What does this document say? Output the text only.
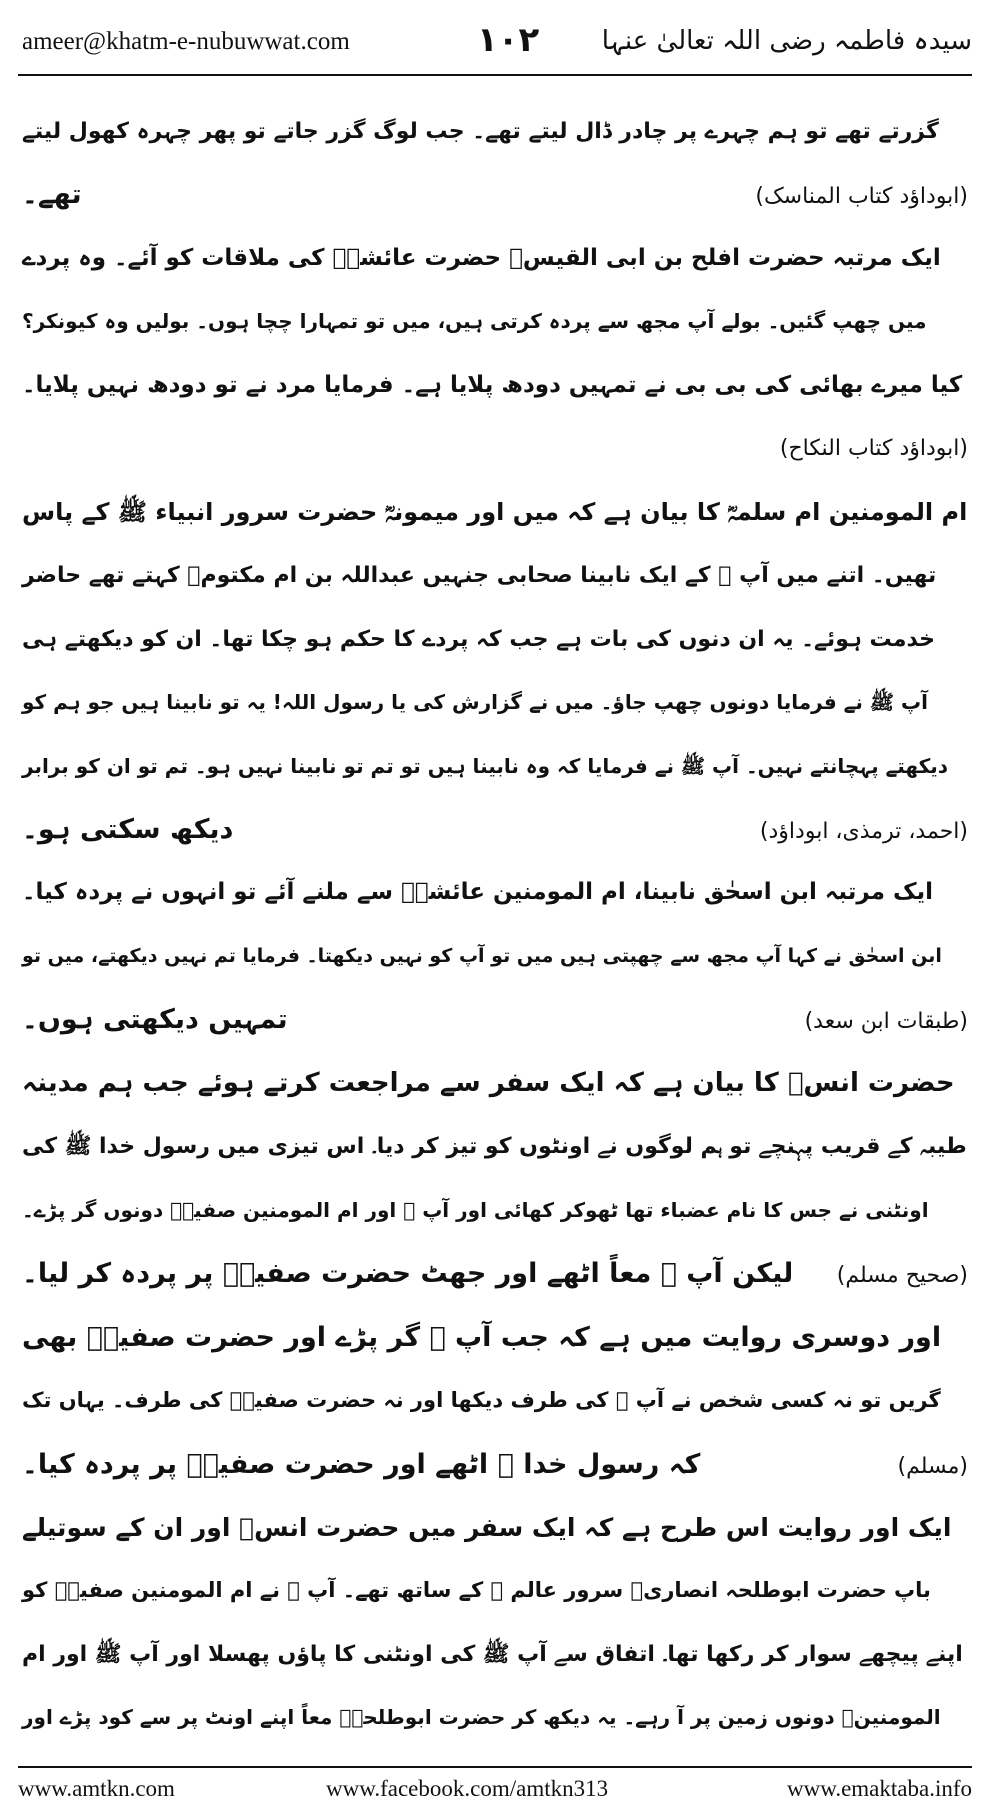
ameer@khatm-e-nubuwwat.com	۱۰۲ سیدہ فاطمہ رضی اللہ تعالیٰ عنہا
گزرتے تھے تو ہم چہرے پر چادر ڈال لیتے تھے۔ جب لوگ گزر جاتے تو پھر چہرہ کھول لیتے
تھے۔	(ابوداؤد کتاب المناسک)
ایک مرتبہ حضرت افلح بن ابی القیسؓ حضرت عائشہؓ کی ملاقات کو آئے۔ وہ پردے
میں چھپ گئیں۔ بولے آپ مجھ سے پردہ کرتی ہیں، میں تو تمہارا چچا ہوں۔ بولیں وہ کیونکر؟
کیا میرے بھائی کی بی بی نے تمہیں دودھ پلایا ہے۔ فرمایا مرد نے تو دودھ نہیں پلایا۔
(ابوداؤد کتاب النکاح)
ام المومنین ام سلمہؓ کا بیان ہے کہ میں اور میمونہؓ حضرت سرور انبیاء ﷺ کے پاس
تھیں۔ اتنے میں آپ ﷺ کے ایک نابینا صحابی جنہیں عبداللہ بن ام مکتومؓ کہتے تھے حاضر
خدمت ہوئے۔ یہ ان دنوں کی بات ہے جب کہ پردے کا حکم ہو چکا تھا۔ ان کو دیکھتے ہی
آپ ﷺ نے فرمایا دونوں چھپ جاؤ۔ میں نے گزارش کی یا رسول اللہ! یہ تو نابینا ہیں جو ہم کو
دیکھتے پہچانتے نہیں۔ آپ ﷺ نے فرمایا کہ وہ نابینا ہیں تو تم تو نابینا نہیں ہو۔ تم تو ان کو برابر
دیکھ سکتی ہو۔	(احمد، ترمذی، ابوداؤد)
ایک مرتبہ ابن اسحٰق نابینا، ام المومنین عائشہؓ سے ملنے آئے تو انہوں نے پردہ کیا۔
ابن اسحٰق نے کہا آپ مجھ سے چھپتی ہیں میں تو آپ کو نہیں دیکھتا۔ فرمایا تم نہیں دیکھتے، میں تو
تمہیں دیکھتی ہوں۔	(طبقات ابن سعد)
حضرت انسؓ کا بیان ہے کہ ایک سفر سے مراجعت کرتے ہوئے جب ہم مدینہ
طیبہ کے قریب پہنچے تو ہم لوگوں نے اونٹوں کو تیز کر دیا۔ اس تیزی میں رسول خدا ﷺ کی
اونٹنی نے جس کا نام عضباء تھا ٹھوکر کھائی اور آپ ﷺ اور ام المومنین صفیہؓ دونوں گر پڑے۔
لیکن آپ ﷺ معاً اٹھے اور جھٹ حضرت صفیہؓ پر پردہ کر لیا۔ (صحیح مسلم)
اور دوسری روایت میں ہے کہ جب آپ ﷺ گر پڑے اور حضرت صفیہؓ بھی
گریں تو نہ کسی شخص نے آپ ﷺ کی طرف دیکھا اور نہ حضرت صفیہؓ کی طرف۔ یہاں تک
کہ رسول خدا ﷺ اٹھے اور حضرت صفیہؓ پر پردہ کیا۔	(مسلم)
ایک اور روایت اس طرح ہے کہ ایک سفر میں حضرت انسؓ اور ان کے سوتیلے
باپ حضرت ابوطلحہ انصاریؓ سرور عالم ﷺ کے ساتھ تھے۔ آپ ﷺ نے ام المومنین صفیہؓ کو
اپنے پیچھے سوار کر رکھا تھا۔ اتفاق سے آپ ﷺ کی اونٹنی کا پاؤں پھسلا اور آپ ﷺ اور ام
المومنینؓ دونوں زمین پر آ رہے۔ یہ دیکھ کر حضرت ابوطلحہؓ معاً اپنے اونٹ پر سے کود پڑے اور
www.amtkn.com	www.facebook.com/amtkn313	www.emaktaba.info
